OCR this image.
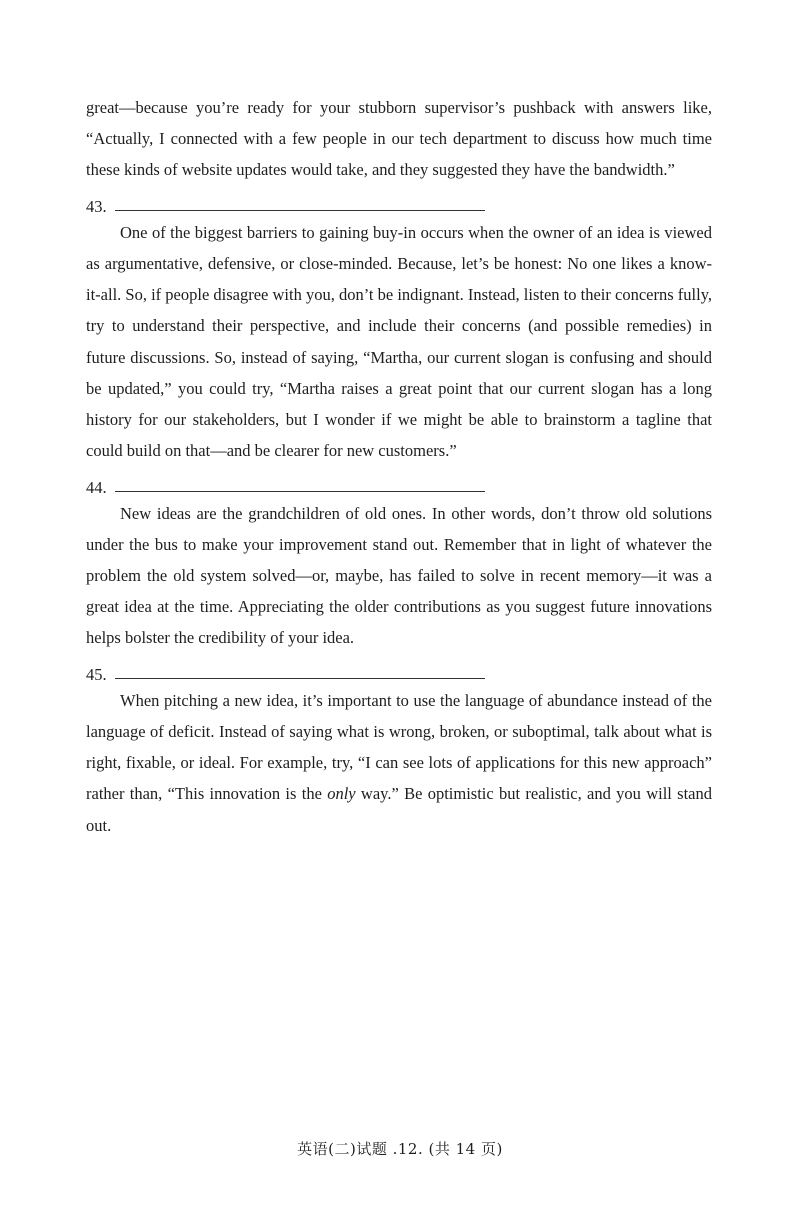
great—because you’re ready for your stubborn supervisor’s pushback with answers like, “Actually, I connected with a few people in our tech department to discuss how much time these kinds of website updates would take, and they suggested they have the bandwidth.”

43.

One of the biggest barriers to gaining buy-in occurs when the owner of an idea is viewed as argumentative, defensive, or close-minded. Because, let’s be honest: No one likes a know-it-all. So, if people disagree with you, don’t be indignant. Instead, listen to their concerns fully, try to understand their perspective, and include their concerns (and possible remedies) in future discussions. So, instead of saying, “Martha, our current slogan is confusing and should be updated,” you could try, “Martha raises a great point that our current slogan has a long history for our stakeholders, but I wonder if we might be able to brainstorm a tagline that could build on that—and be clearer for new customers.”

44.

New ideas are the grandchildren of old ones. In other words, don’t throw old solutions under the bus to make your improvement stand out. Remember that in light of whatever the problem the old system solved—or, maybe, has failed to solve in recent memory—it was a great idea at the time. Appreciating the older contributions as you suggest future innovations helps bolster the credibility of your idea.

45.

When pitching a new idea, it’s important to use the language of abundance instead of the language of deficit. Instead of saying what is wrong, broken, or suboptimal, talk about what is right, fixable, or ideal. For example, try, “I can see lots of applications for this new approach” rather than, “This innovation is the only way.” Be optimistic but realistic, and you will stand out.

英语(二)试题 .12. (共 14 页)
